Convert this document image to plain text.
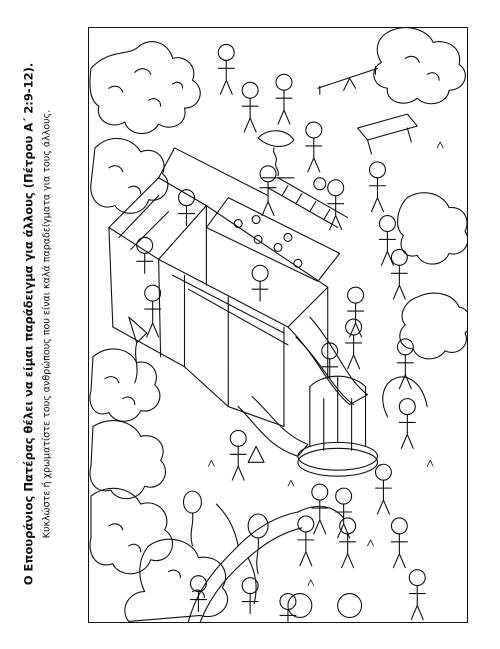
Ο Επουράνιος Πατέρας θέλει να είμαι παράδειγμα για άλλους (Πέτρου Α΄ 2:9-12). Κυκλώστε ή χρωματίστε τους ανθρώπους που είναι καλά παραδείγματα για τους άλλους.
